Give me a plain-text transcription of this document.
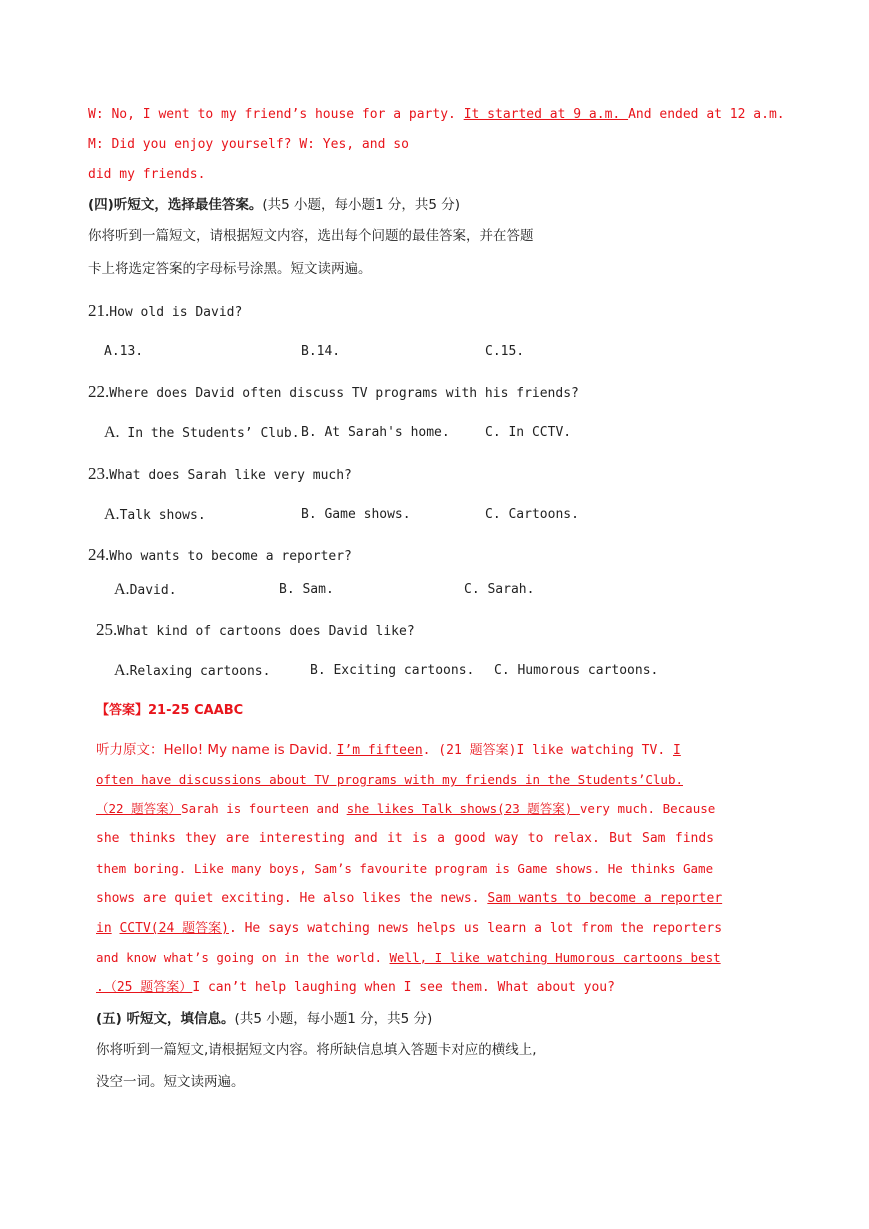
W: No, I went to my friend’s house for a party. It started at 9 a.m. And ended at 12 a.m.
M: Did you enjoy yourself? W: Yes, and so
did my friends.
(四)听短文，选择最佳答案。(共5 小题，每小题1 分，共5 分)
你将听到一篇短文，请根据短文内容，选出每个问题的最佳答案，并在答题
卡上将选定答案的字母标号涂黑。短文读两遍。
21.How old is David?
A.13.	B.14.	C.15.
22.Where does David often discuss TV programs with his friends?
A. In the Students’ Club. B. At Sarah's home.	C. In CCTV.
23.What does Sarah like very much?
A.Talk shows.	B. Game shows.	C. Cartoons.
24.Who wants to become a reporter?
A.David.	B. Sam.	C. Sarah.
25.What kind of cartoons does David like?
A.Relaxing cartoons.	B. Exciting cartoons. C. Humorous cartoons.
【答案】21-25 CAABC
听力原文：Hello! My name is David. I’m fifteen. (21 题答案)I like watching TV. I
often have discussions about TV programs with my friends in the Students’Club.
（22 题答案）Sarah is fourteen and she likes Talk shows(23 题答案) very much. Because
she thinks they are interesting and it is a good way to relax. But Sam finds
them boring. Like many boys, Sam’s favourite program is Game shows. He thinks Game
shows are quiet exciting. He also likes the news. Sam wants to become a reporter
in CCTV(24 题答案). He says watching news helps us learn a lot from the reporters
and know what’s going on in the world. Well, I like watching Humorous cartoons best
.（25 题答案）I can’t help laughing when I see them. What about you?
(五) 听短文，填信息。(共5 小题，每小题1 分，共5 分)
你将听到一篇短文,请根据短文内容。将所缺信息填入答题卡对应的横线上,
没空一词。短文读两遍。
